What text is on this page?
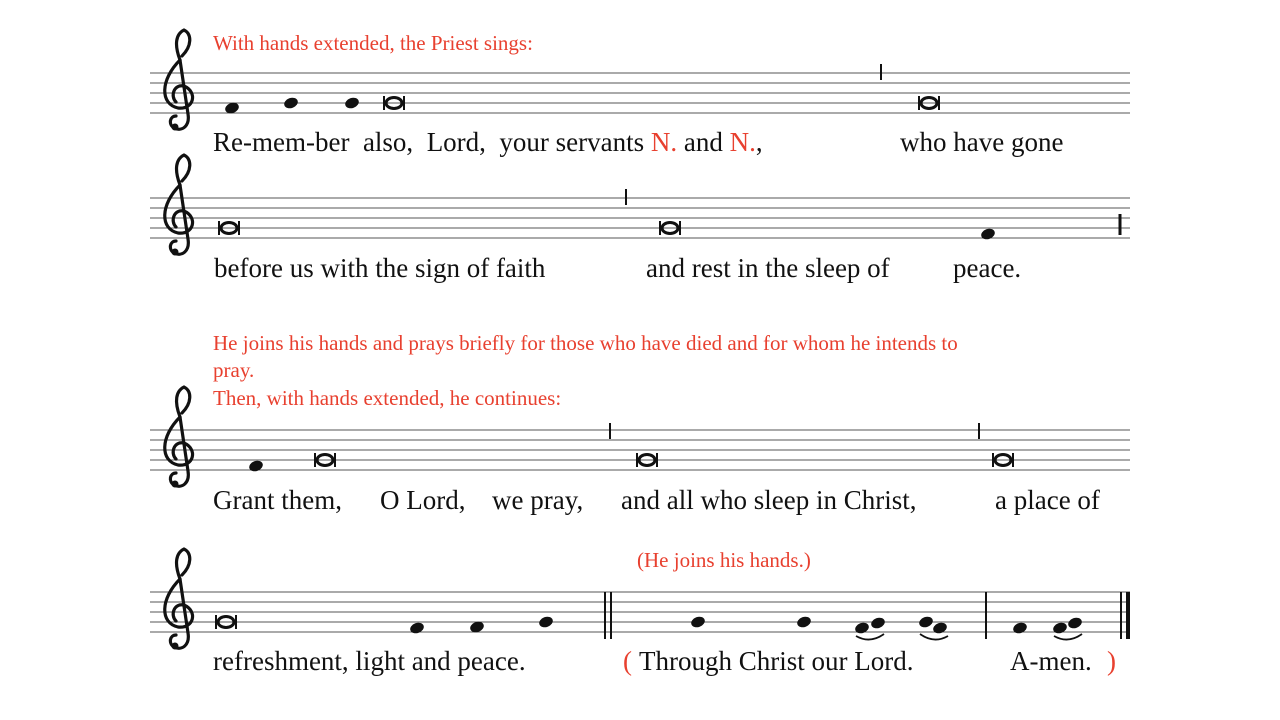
With hands extended, the Priest sings:
He joins his hands and prays briefly for those who have died and for whom he intends to
pray.
Then, with hands extended, he continues:
(He joins his hands.)
Re-mem-ber also, Lord, your servants N. and N.,	who have gone
before us with the sign of faith	and rest in the sleep of peace.
Grant them, O Lord, we pray, and all who sleep in Christ,	a place of
refreshment, light and peace.	( Through Christ our Lord.	A-men. )
